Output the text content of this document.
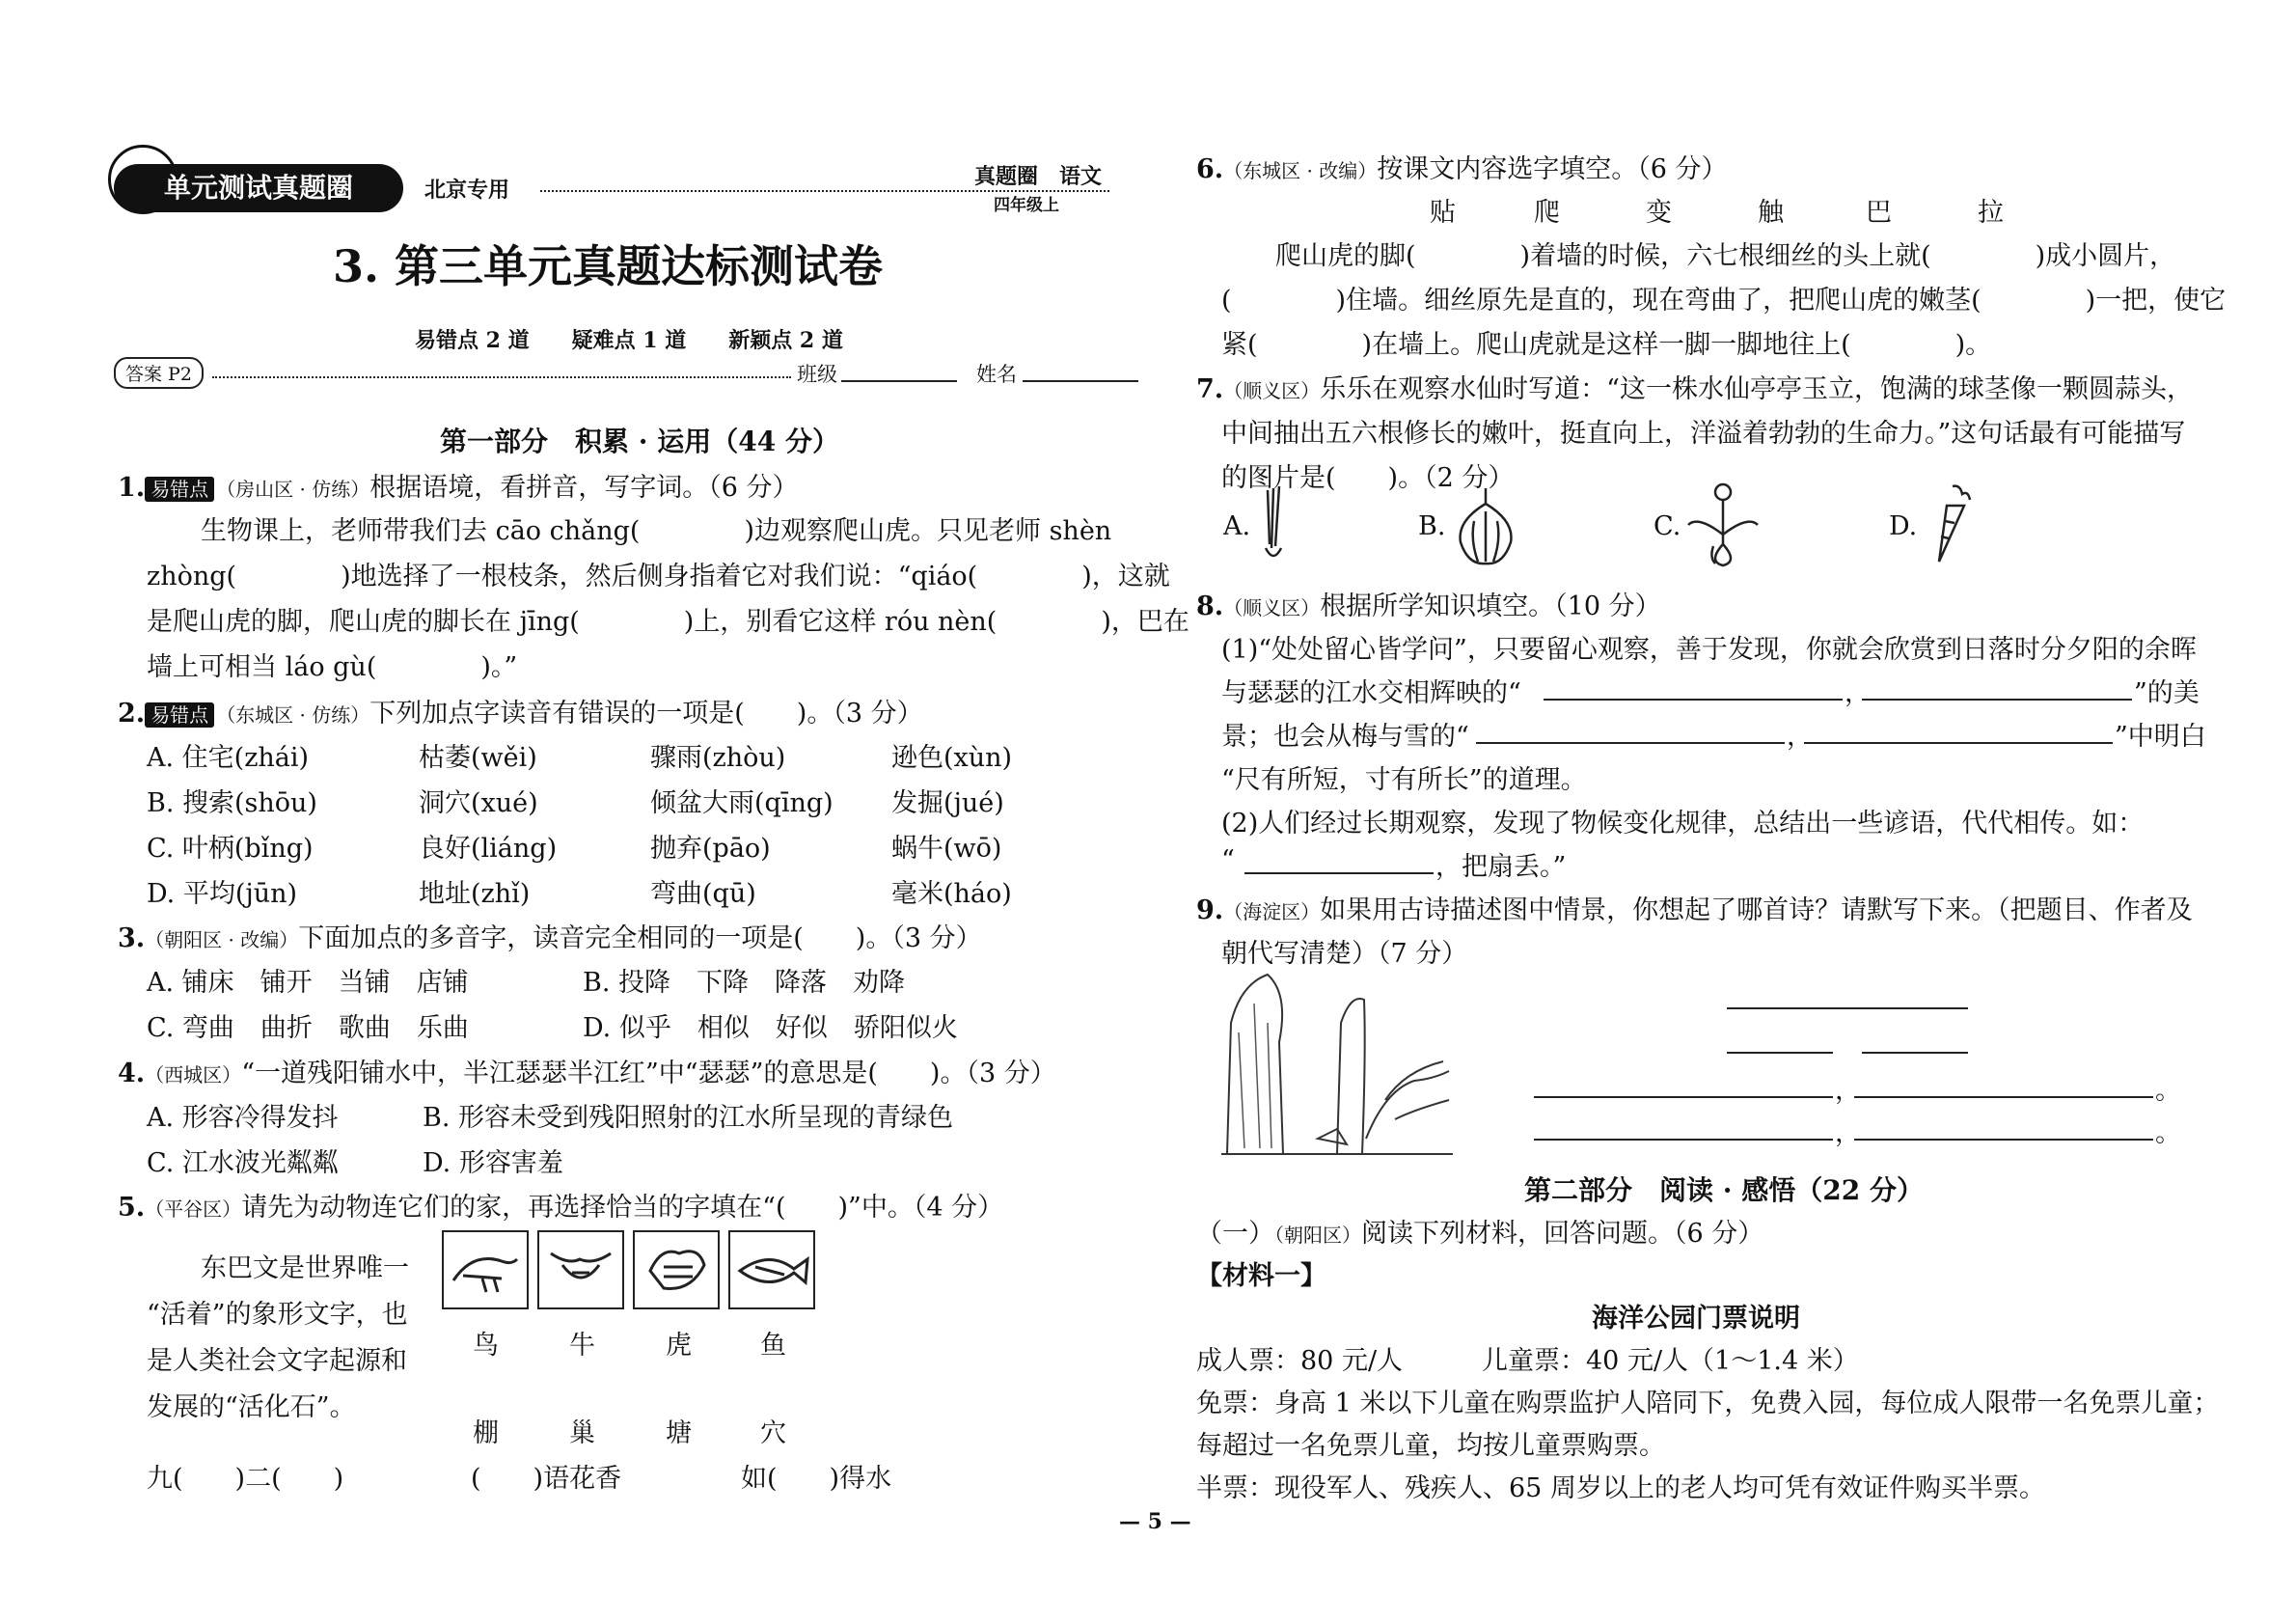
单元测试真题圈	北京专用
真题圈　语文
四年级上
3. 第三单元真题达标测试卷
易错点 2 道　　疑难点 1 道　　新颖点 2 道
答案 P2	班级	姓名
第一部分　积累 · 运用（44 分）
1. 易错点 （房山区 · 仿练）根据语境，看拼音，写字词。（6 分）
生物课上，老师带我们去 cāo chǎng(　　　　)边观察爬山虎。只见老师 shèn
zhòng(　　　　)地选择了一根枝条，然后侧身指着它对我们说：“qiáo(　　　　)，这就
是爬山虎的脚，爬山虎的脚长在 jīng(　　　　)上，别看它这样 róu nèn(　　　　)，巴在
墙上可相当 láo gù(　　　　)。”
2. 易错点 （东城区 · 仿练）下列加点字读音有错误的一项是(　　)。（3 分）
A. 住宅(zhái)	枯萎(wěi)	骤雨(zhòu)	逊色(xùn)
B. 搜索(shōu)	洞穴(xué)	倾盆大雨(qīng) 发掘(jué)
C. 叶柄(bǐng)	良好(liáng)	抛弃(pāo)	蜗牛(wō)
D. 平均(jūn)	地址(zhǐ)	弯曲(qū)	毫米(háo)
3.（朝阳区 · 改编）下面加点的多音字，读音完全相同的一项是(　　)。（3 分）
A. 铺床　铺开　当铺　店铺	B. 投降　下降　降落　劝降
C. 弯曲　曲折　歌曲　乐曲	D. 似乎　相似　好似　骄阳似火
4.（西城区）“一道残阳铺水中，半江瑟瑟半江红”中“瑟瑟”的意思是(　　)。（3 分）
A. 形容冷得发抖	B. 形容未受到残阳照射的江水所呈现的青绿色
C. 江水波光粼粼	D. 形容害羞
5.（平谷区）请先为动物连它们的家，再选择恰当的字填在“(　　)”中。（4 分）
东巴文是世界唯一
“活着”的象形文字，也
是人类社会文字起源和
发展的“活化石”。
鸟	牛	虎	鱼
棚	巢	塘	穴
九(　　)二(　　)	(　　)语花香	如(　　)得水
6.（东城区 · 改编）按课文内容选字填空。（6 分）
贴	爬	变	触	巴	拉
爬山虎的脚(　　　　)着墙的时候，六七根细丝的头上就(　　　　)成小圆片，
(　　　　)住墙。细丝原先是直的，现在弯曲了，把爬山虎的嫩茎(　　　　)一把，使它
紧(　　　　)在墙上。爬山虎就是这样一脚一脚地往上(　　　　)。
7.（顺义区）乐乐在观察水仙时写道：“这一株水仙亭亭玉立，饱满的球茎像一颗圆蒜头，
中间抽出五六根修长的嫩叶，挺直向上，洋溢着勃勃的生命力。”这句话最有可能描写
的图片是(　　)。（2 分）
A.	B.	C.	D.
8.（顺义区）根据所学知识填空。（10 分）
(1)“处处留心皆学问”，只要留心观察，善于发现，你就会欣赏到日落时分夕阳的余晖
与瑟瑟的江水交相辉映的“	，	”的美
景；也会从梅与雪的“	，	”中明白
“尺有所短，寸有所长”的道理。
(2)人们经过长期观察，发现了物候变化规律，总结出一些谚语，代代相传。如：
“	，把扇丢。”
9.（海淀区）如果用古诗描述图中情景，你想起了哪首诗？请默写下来。（把题目、作者及
朝代写清楚）（7 分）
，	。
，	。
第二部分　阅读 · 感悟（22 分）
（一）（朝阳区）阅读下列材料，回答问题。（6 分）
【材料一】
海洋公园门票说明
成人票：80 元/人	儿童票：40 元/人（1～1.4 米）
免票：身高 1 米以下儿童在购票监护人陪同下，免费入园，每位成人限带一名免票儿童；
每超过一名免票儿童，均按儿童票购票。
半票：现役军人、残疾人、65 周岁以上的老人均可凭有效证件购买半票。
— 5 —
